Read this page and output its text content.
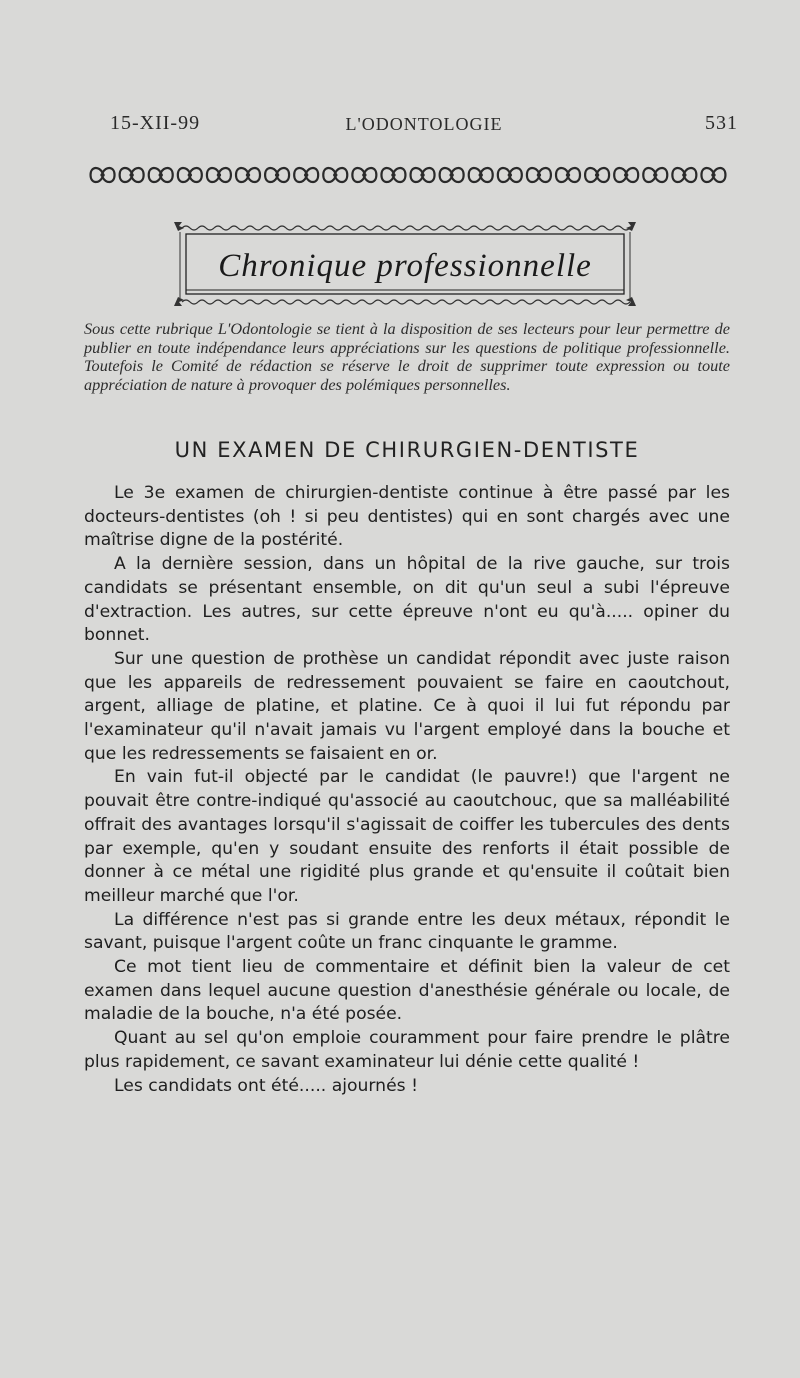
15-XII-99	L'ODONTOLOGIE	531
Chronique professionnelle
Sous cette rubrique L'Odontologie se tient à la disposition de ses lecteurs pour leur permettre de publier en toute indépendance leurs appréciations sur les questions de politique professionnelle. Toutefois le Comité de rédaction se réserve le droit de supprimer toute expression ou toute appréciation de nature à provoquer des polémiques personnelles.
UN EXAMEN DE CHIRURGIEN-DENTISTE

Le 3e examen de chirurgien-dentiste continue à être passé par les docteurs-dentistes (oh ! si peu dentistes) qui en sont chargés avec une maîtrise digne de la postérité.

A la dernière session, dans un hôpital de la rive gauche, sur trois candidats se présentant ensemble, on dit qu'un seul a subi l'épreuve d'extraction. Les autres, sur cette épreuve n'ont eu qu'à..... opiner du bonnet.

Sur une question de prothèse un candidat répondit avec juste raison que les appareils de redressement pouvaient se faire en caoutchout, argent, alliage de platine, et platine. Ce à quoi il lui fut répondu par l'examinateur qu'il n'avait jamais vu l'argent employé dans la bouche et que les redressements se faisaient en or.

En vain fut-il objecté par le candidat (le pauvre!) que l'argent ne pouvait être contre-indiqué qu'associé au caoutchouc, que sa malléabilité offrait des avantages lorsqu'il s'agissait de coiffer les tubercules des dents par exemple, qu'en y soudant ensuite des renforts il était possible de donner à ce métal une rigidité plus grande et qu'ensuite il coûtait bien meilleur marché que l'or.

La différence n'est pas si grande entre les deux métaux, répondit le savant, puisque l'argent coûte un franc cinquante le gramme.

Ce mot tient lieu de commentaire et définit bien la valeur de cet examen dans lequel aucune question d'anesthésie générale ou locale, de maladie de la bouche, n'a été posée.

Quant au sel qu'on emploie couramment pour faire prendre le plâtre plus rapidement, ce savant examinateur lui dénie cette qualité !

Les candidats ont été..... ajournés !
